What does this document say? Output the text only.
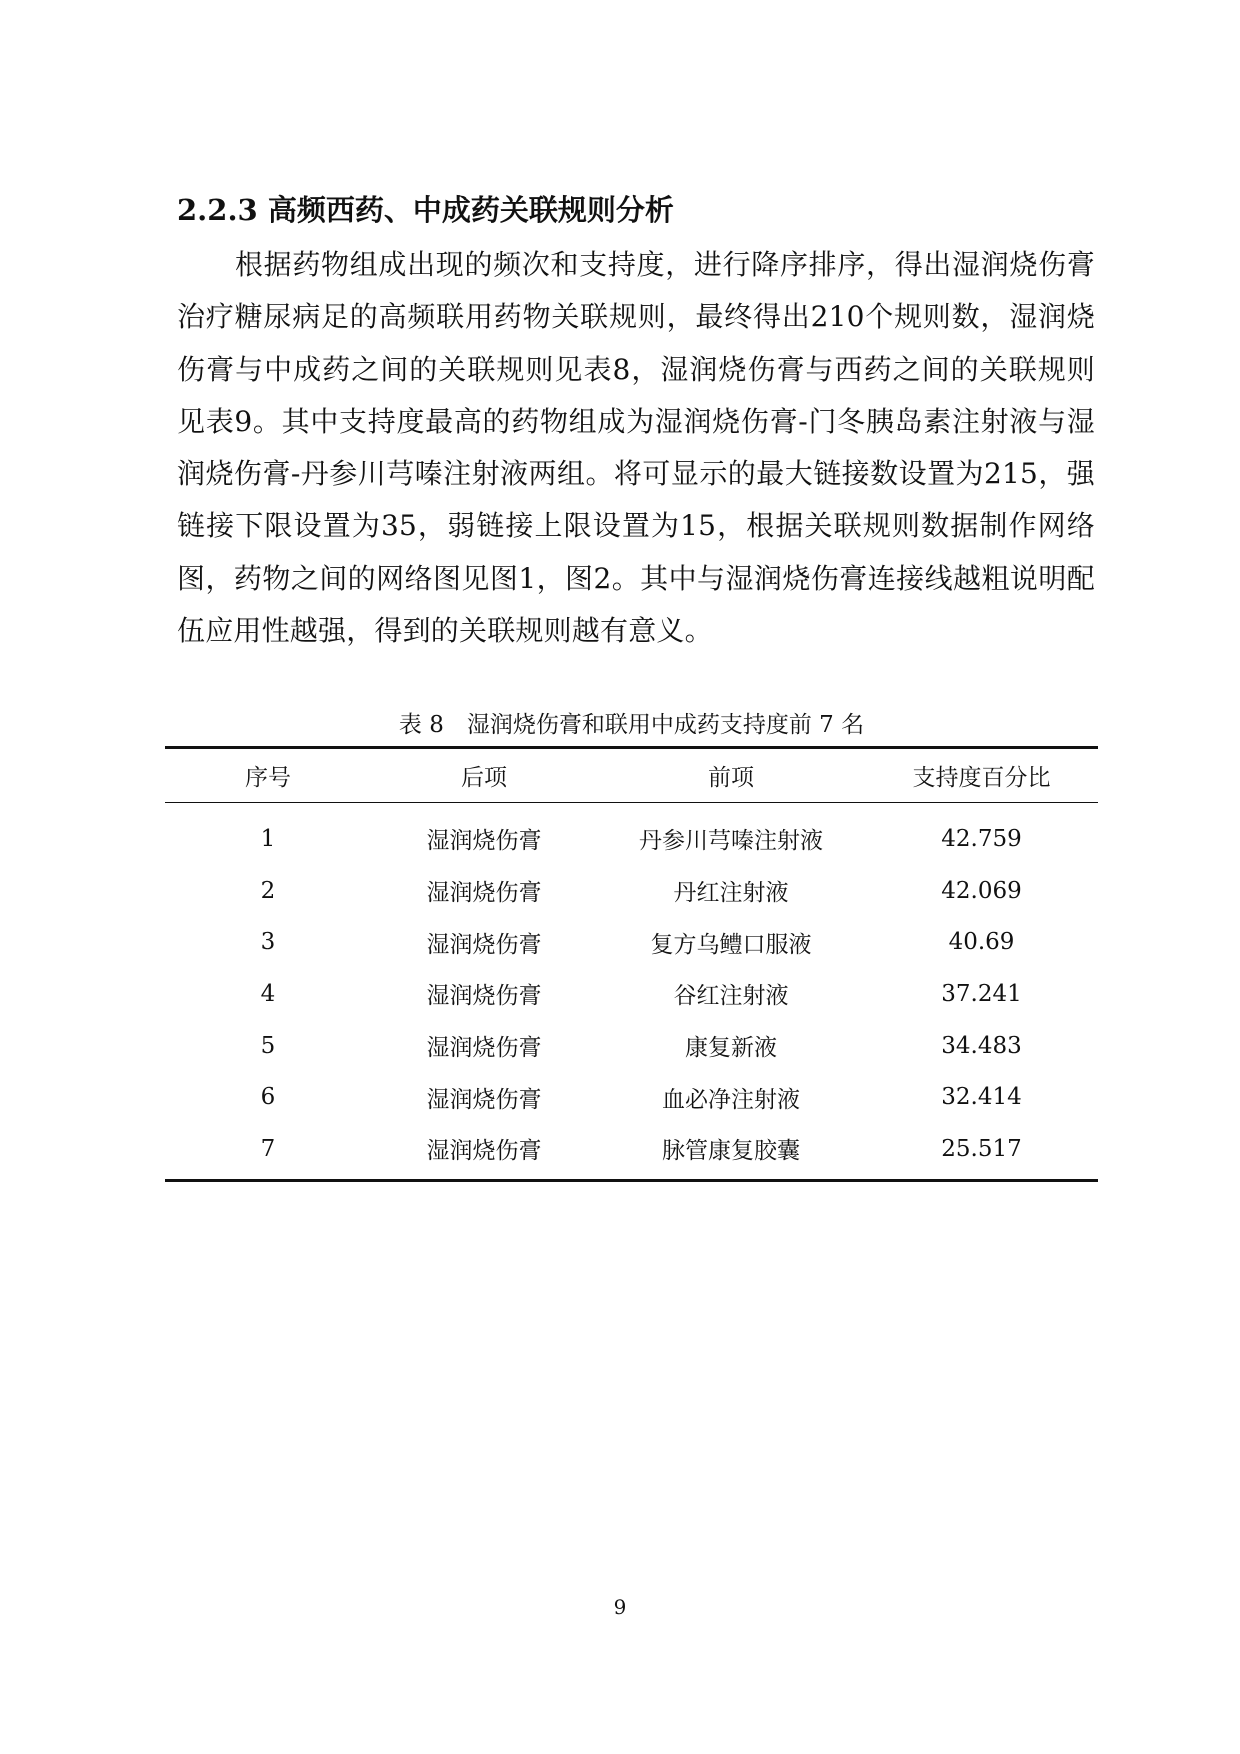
2.2.3 高频西药、中成药关联规则分析

根据药物组成出现的频次和支持度，进行降序排序，得出湿润烧伤膏治疗糖尿病足的高频联用药物关联规则，最终得出210个规则数，湿润烧伤膏与中成药之间的关联规则见表8，湿润烧伤膏与西药之间的关联规则见表9。其中支持度最高的药物组成为湿润烧伤膏-门冬胰岛素注射液与湿润烧伤膏-丹参川芎嗪注射液两组。将可显示的最大链接数设置为215，强链接下限设置为35，弱链接上限设置为15，根据关联规则数据制作网络图，药物之间的网络图见图1，图2。其中与湿润烧伤膏连接线越粗说明配伍应用性越强，得到的关联规则越有意义。

表 8　湿润烧伤膏和联用中成药支持度前 7 名
序号	后项	前项	支持度百分比
1	湿润烧伤膏	丹参川芎嗪注射液	42.759
2	湿润烧伤膏	丹红注射液	42.069
3	湿润烧伤膏	复方乌鳢口服液	40.69
4	湿润烧伤膏	谷红注射液	37.241
5	湿润烧伤膏	康复新液	34.483
6	湿润烧伤膏	血必净注射液	32.414
7	湿润烧伤膏	脉管康复胶囊	25.517
9
